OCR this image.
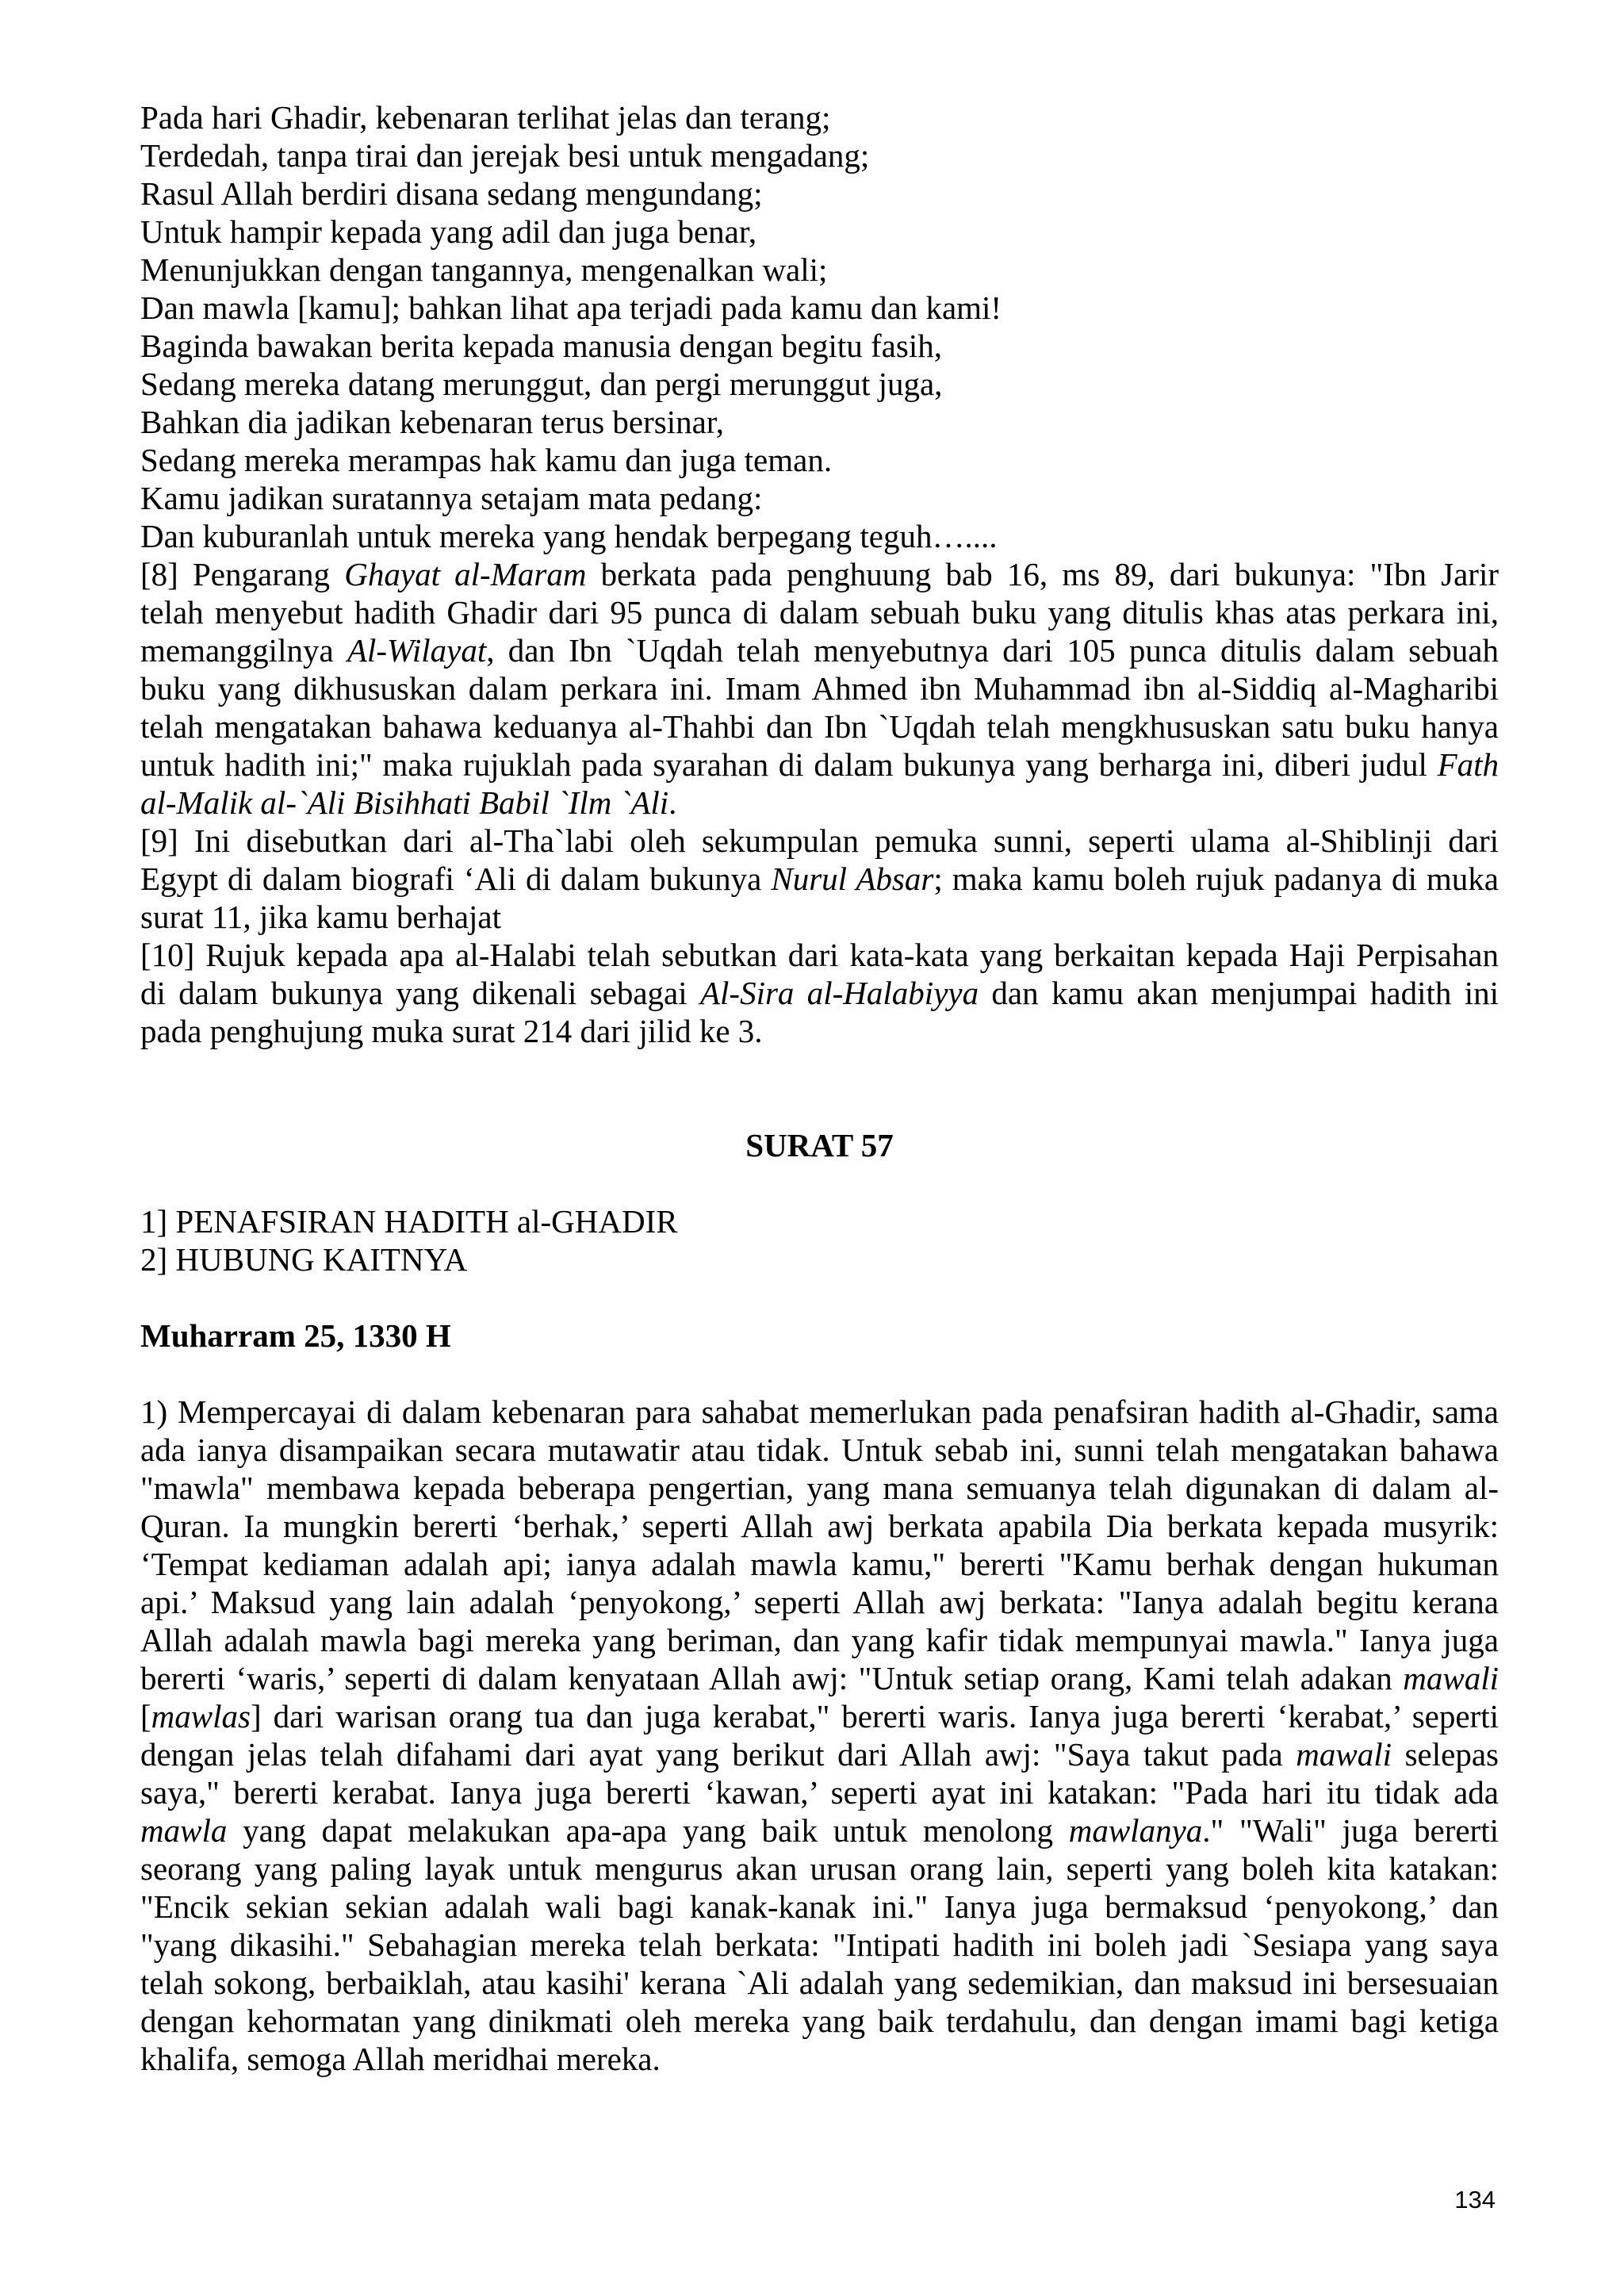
Pada hari Ghadir, kebenaran terlihat jelas dan terang;
Terdedah, tanpa tirai dan jerejak besi untuk mengadang;
Rasul Allah berdiri disana sedang mengundang;
Untuk hampir kepada yang adil dan juga benar,
Menunjukkan dengan tangannya, mengenalkan wali;
Dan mawla [kamu]; bahkan lihat apa terjadi pada kamu dan kami!
Baginda bawakan berita kepada manusia dengan begitu fasih,
Sedang mereka datang merunggut, dan pergi merunggut juga,
Bahkan dia jadikan kebenaran terus bersinar,
Sedang mereka merampas hak kamu dan juga teman.
Kamu jadikan suratannya setajam mata pedang:
Dan kuburanlah untuk mereka yang hendak berpegang teguh…....
[8] Pengarang Ghayat al-Maram berkata pada penghuung bab 16, ms 89, dari bukunya: "Ibn Jarir
telah menyebut hadith Ghadir dari 95 punca di dalam sebuah buku yang ditulis khas atas perkara ini,
memanggilnya Al-Wilayat, dan Ibn `Uqdah telah menyebutnya dari 105 punca ditulis dalam sebuah
buku yang dikhususkan dalam perkara ini. Imam Ahmed ibn Muhammad ibn al-Siddiq al-Magharibi
telah mengatakan bahawa keduanya al-Thahbi dan Ibn `Uqdah telah mengkhususkan satu buku hanya
untuk hadith ini;" maka rujuklah pada syarahan di dalam bukunya yang berharga ini, diberi judul Fath
al-Malik al-`Ali Bisihhati Babil `Ilm `Ali.
[9] Ini disebutkan dari al-Tha`labi oleh sekumpulan pemuka sunni, seperti ulama al-Shiblinji dari
Egypt di dalam biografi ‘Ali di dalam bukunya Nurul Absar; maka kamu boleh rujuk padanya di muka
surat 11, jika kamu berhajat
[10] Rujuk kepada apa al-Halabi telah sebutkan dari kata-kata yang berkaitan kepada Haji Perpisahan
di dalam bukunya yang dikenali sebagai Al-Sira al-Halabiyya dan kamu akan menjumpai hadith ini
pada penghujung muka surat 214 dari jilid ke 3.
SURAT 57
1] PENAFSIRAN HADITH al-GHADIR
2] HUBUNG KAITNYA
Muharram 25, 1330 H
1) Mempercayai di dalam kebenaran para sahabat memerlukan pada penafsiran hadith al-Ghadir, sama
ada ianya disampaikan secara mutawatir atau tidak. Untuk sebab ini, sunni telah mengatakan bahawa
"mawla" membawa kepada beberapa pengertian, yang mana semuanya telah digunakan di dalam al-
Quran. Ia mungkin bererti ‘berhak,’ seperti Allah awj berkata apabila Dia berkata kepada musyrik:
‘Tempat kediaman adalah api; ianya adalah mawla kamu," bererti "Kamu berhak dengan hukuman
api.’ Maksud yang lain adalah ‘penyokong,’ seperti Allah awj berkata: "Ianya adalah begitu kerana
Allah adalah mawla bagi mereka yang beriman, dan yang kafir tidak mempunyai mawla." Ianya juga
bererti ‘waris,’ seperti di dalam kenyataan Allah awj: "Untuk setiap orang, Kami telah adakan mawali
[mawlas] dari warisan orang tua dan juga kerabat," bererti waris. Ianya juga bererti ‘kerabat,’ seperti
dengan jelas telah difahami dari ayat yang berikut dari Allah awj: "Saya takut pada mawali selepas
saya," bererti kerabat. Ianya juga bererti ‘kawan,’ seperti ayat ini katakan: "Pada hari itu tidak ada
mawla yang dapat melakukan apa-apa yang baik untuk menolong mawlanya." "Wali" juga bererti
seorang yang paling layak untuk mengurus akan urusan orang lain, seperti yang boleh kita katakan:
"Encik sekian sekian adalah wali bagi kanak-kanak ini." Ianya juga bermaksud ‘penyokong,’ dan
"yang dikasihi." Sebahagian mereka telah berkata: "Intipati hadith ini boleh jadi `Sesiapa yang saya
telah sokong, berbaiklah, atau kasihi' kerana `Ali adalah yang sedemikian, dan maksud ini bersesuaian
dengan kehormatan yang dinikmati oleh mereka yang baik terdahulu, dan dengan imami bagi ketiga
khalifa, semoga Allah meridhai mereka.
134
